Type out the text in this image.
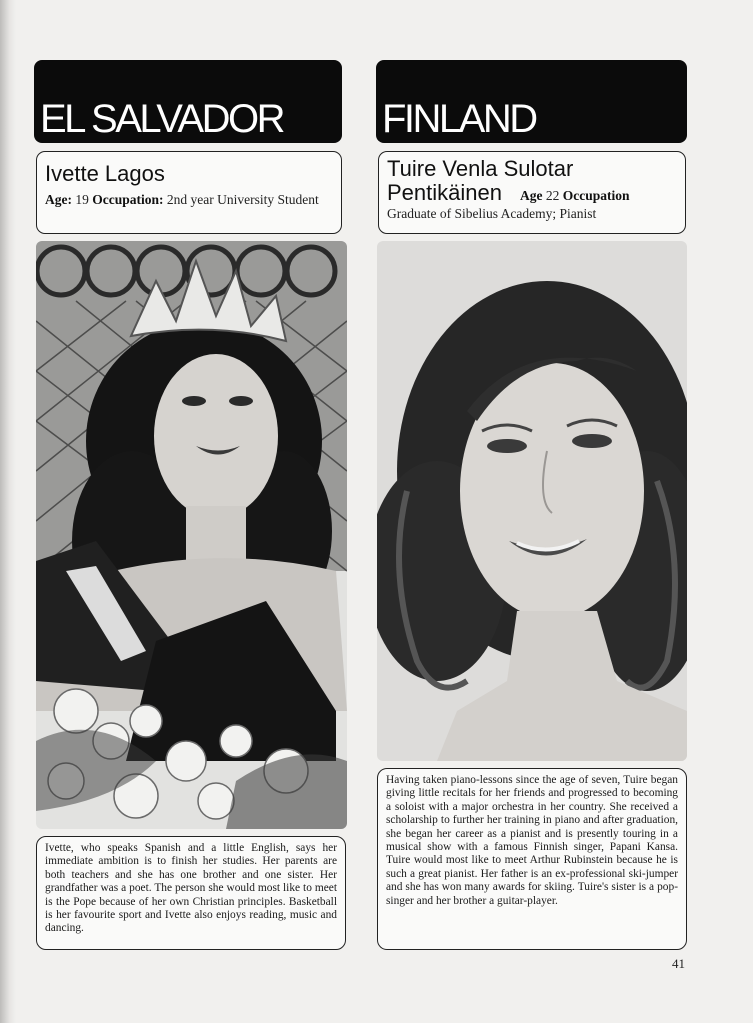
EL SALVADOR
Ivette Lagos
Age: 19 Occupation: 2nd year University Student
Ivette, who speaks Spanish and a little English, says her immediate ambition is to finish her studies. Her parents are both teachers and she has one brother and one sister. Her grandfather was a poet. The person she would most like to meet is the Pope because of her own Christian principles. Basketball is her favourite sport and Ivette also enjoys reading, music and dancing.
FINLAND
Tuire Venla Sulotar
Pentikäinen Age 22 Occupation
Graduate of Sibelius Academy; Pianist
Having taken piano-lessons since the age of seven, Tuire began giving little recitals for her friends and progressed to becoming a soloist with a major orchestra in her country. She received a scholarship to further her training in piano and after graduation, she began her career as a pianist and is presently touring in a musical show with a famous Finnish singer, Papani Kansa. Tuire would most like to meet Arthur Rubinstein because he is such a great pianist. Her father is an ex-professional ski-jumper and she has won many awards for skiing. Tuire's sister is a pop-singer and her brother a guitar-player.
41
